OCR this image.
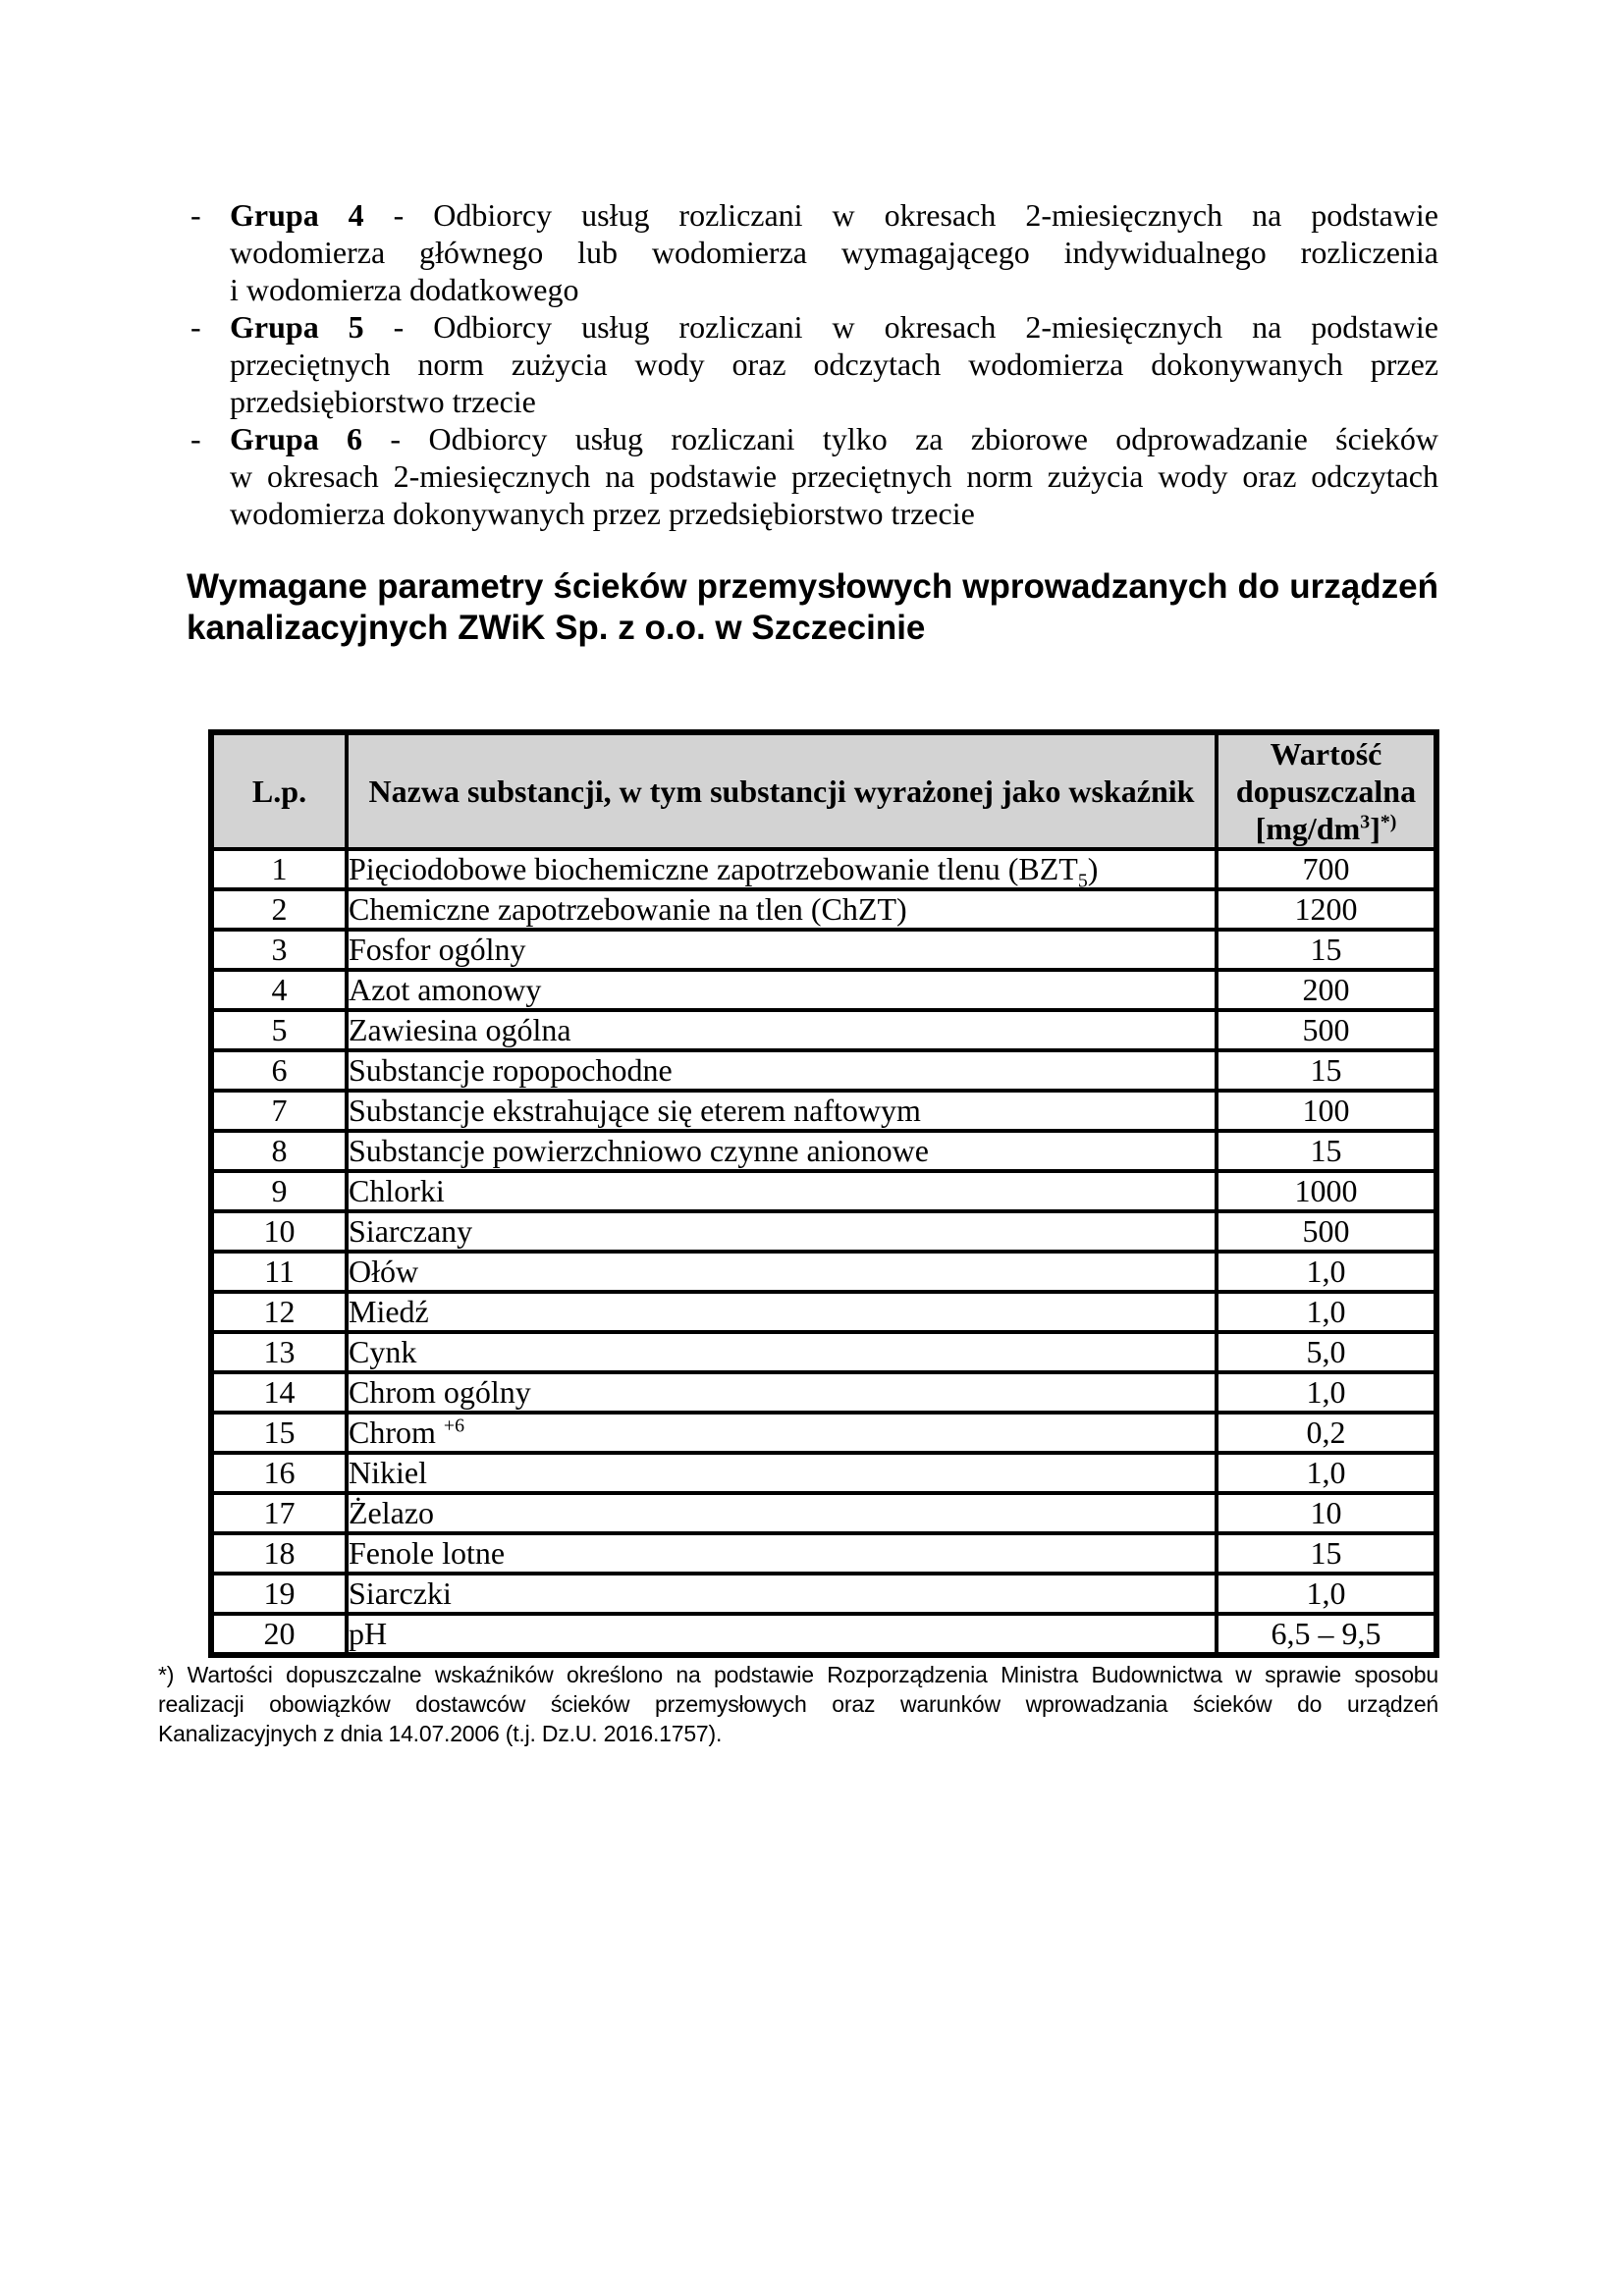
- Grupa 4 - Odbiorcy usług rozliczani w okresach 2-miesięcznych na podstawie
wodomierza głównego lub wodomierza wymagającego indywidualnego rozliczenia
i wodomierza dodatkowego
- Grupa 5 - Odbiorcy usług rozliczani w okresach 2-miesięcznych na podstawie
przeciętnych norm zużycia wody oraz odczytach wodomierza dokonywanych przez
przedsiębiorstwo trzecie
- Grupa 6 - Odbiorcy usług rozliczani tylko za zbiorowe odprowadzanie ścieków
w okresach 2-miesięcznych na podstawie przeciętnych norm zużycia wody oraz odczytach
wodomierza dokonywanych przez przedsiębiorstwo trzecie
Wymagane parametry ścieków przemysłowych wprowadzanych do urządzeń
kanalizacyjnych ZWiK Sp. z o.o. w Szczecinie
L.p.	Nazwa substancji, w tym substancji wyrażonej jako wskaźnik	Wartość
dopuszczalna
$[mg/dm^3]^{*)}$

1	Pięciodobowe biochemiczne zapotrzebowanie tlenu $(BZT_5)$	700
2	Chemiczne zapotrzebowanie na tlen (ChZT)	1200
3	Fosfor ogólny	15
4	Azot amonowy	200
5	Zawiesina ogólna	500
6	Substancje ropopochodne	15
7	Substancje ekstrahujące się eterem naftowym	100
8	Substancje powierzchniowo czynne anionowe	15
9	Chlorki	1000
10	Siarczany	500
11	Ołów	1,0
12	Miedź	1,0
13	Cynk	5,0
14	Chrom ogólny	1,0
15	Chrom $^{+6}$	0,2
16	Nikiel	1,0
17	Żelazo	10
18	Fenole lotne	15
19	Siarczki	1,0
20	pH	6,5 – 9,5
*) Wartości dopuszczalne wskaźników określono na podstawie Rozporządzenia Ministra Budownictwa w sprawie sposobu
realizacji obowiązków dostawców ścieków przemysłowych oraz warunków wprowadzania ścieków do urządzeń
Kanalizacyjnych z dnia 14.07.2006 (t.j. Dz.U. 2016.1757).
